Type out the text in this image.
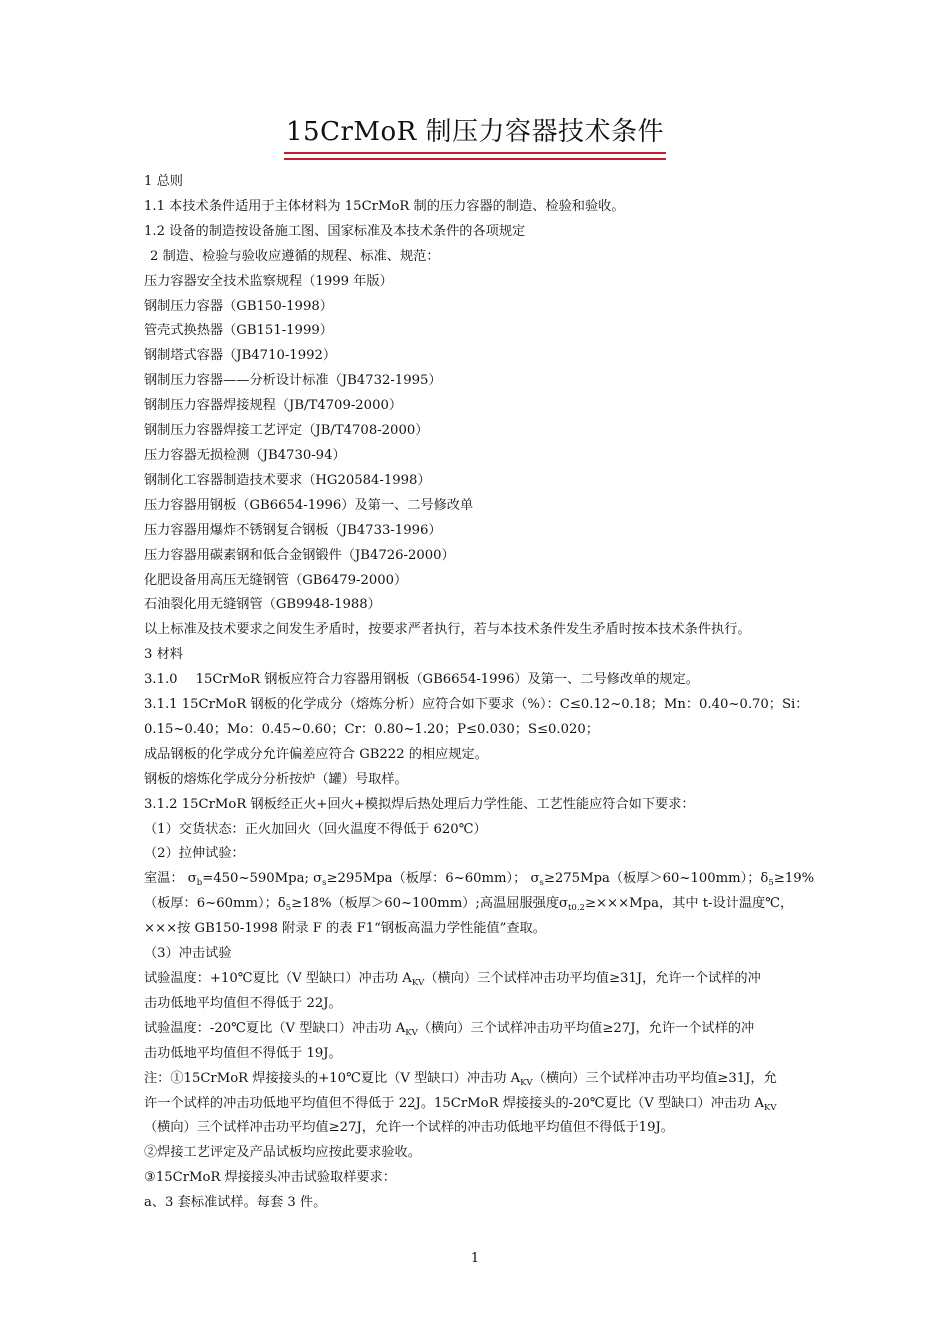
15CrMoR 制压力容器技术条件

1 总则

1.1 本技术条件适用于主体材料为 15CrMoR 制的压力容器的制造、检验和验收。

1.2 设备的制造按设备施工图、国家标准及本技术条件的各项规定

2 制造、检验与验收应遵循的规程、标准、规范：

压力容器安全技术监察规程（1999 年版）

钢制压力容器（GB150-1998）

管壳式换热器（GB151-1999）

钢制塔式容器（JB4710-1992）

钢制压力容器——分析设计标准（JB4732-1995）

钢制压力容器焊接规程（JB/T4709-2000）

钢制压力容器焊接工艺评定（JB/T4708-2000）

压力容器无损检测（JB4730-94）

钢制化工容器制造技术要求（HG20584-1998）

压力容器用钢板（GB6654-1996）及第一、二号修改单

压力容器用爆炸不锈钢复合钢板（JB4733-1996）

压力容器用碳素钢和低合金钢锻件（JB4726-2000）

化肥设备用高压无缝钢管（GB6479-2000）

石油裂化用无缝钢管（GB9948-1988）

以上标准及技术要求之间发生矛盾时，按要求严者执行，若与本技术条件发生矛盾时按本技术条件执行。

3 材料

3.1.0 15CrMoR 钢板应符合力容器用钢板（GB6654-1996）及第一、二号修改单的规定。

3.1.1 15CrMoR 钢板的化学成分（熔炼分析）应符合如下要求（%）：C≤0.12~0.18；Mn：0.40~0.70；Si：

0.15~0.40；Mo：0.45~0.60；Cr：0.80~1.20；P≤0.030；S≤0.020；

成品钢板的化学成分允许偏差应符合 GB222 的相应规定。

钢板的熔炼化学成分分析按炉（罐）号取样。

3.1.2 15CrMoR 钢板经正火+回火+模拟焊后热处理后力学性能、工艺性能应符合如下要求：

（1）交货状态：正火加回火（回火温度不得低于 620℃）

（2）拉伸试验：

室温： $\sigma_b=450\sim 590Mpa$; $\sigma_s\ge 295Mpa$（板厚：6~60mm）； $\sigma_s\ge 275Mpa$（板厚＞60~100mm）；$\delta_5\ge 19\%$

（板厚：6~60mm）；$\delta_5\ge 18\%$（板厚＞60~100mm）;高温屈服强度$\sigma_{t0.2}\ge\times\times\times Mpa$，其中 t-设计温度℃，

×××按 GB150-1998 附录 F 的表 F1“钢板高温力学性能值”查取。

（3）冲击试验

试验温度：+10℃夏比（V 型缺口）冲击功 $A_{KV}$（横向）三个试样冲击功平均值≥31J，允许一个试样的冲

击功低地平均值但不得低于 22J。

试验温度：-20℃夏比（V 型缺口）冲击功 $A_{KV}$（横向）三个试样冲击功平均值≥27J，允许一个试样的冲

击功低地平均值但不得低于 19J。

注：①15CrMoR 焊接接头的+10℃夏比（V 型缺口）冲击功 $A_{KV}$（横向）三个试样冲击功平均值≥31J，允

许一个试样的冲击功低地平均值但不得低于 22J。15CrMoR 焊接接头的-20℃夏比（V 型缺口）冲击功 $A_{KV}$

（横向）三个试样冲击功平均值≥27J，允许一个试样的冲击功低地平均值但不得低于19J。

②焊接工艺评定及产品试板均应按此要求验收。

③15CrMoR 焊接接头冲击试验取样要求：

a、3 套标准试样。每套 3 件。

1
